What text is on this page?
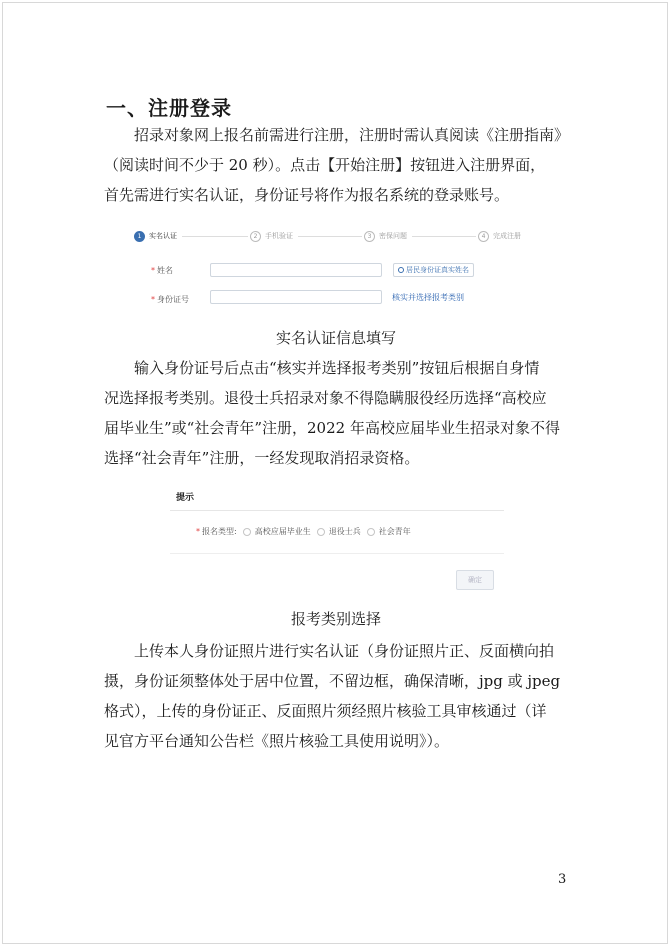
一、注册登录

招录对象网上报名前需进行注册，注册时需认真阅读《注册指南》

（阅读时间不少于 20 秒）。点击【开始注册】按钮进入注册界面，

首先需进行实名认证，身份证号将作为报名系统的登录账号。

1	实名认证	2	手机验证	3	密保问题	4	完成注册
* 姓名	居民身份证真实姓名
* 身份证号	核实并选择报考类别
实名认证信息填写

输入身份证号后点击“核实并选择报考类别”按钮后根据自身情

况选择报考类别。退役士兵招录对象不得隐瞒服役经历选择“高校应

届毕业生”或“社会青年”注册，2022 年高校应届毕业生招录对象不得

选择“社会青年”注册，一经发现取消招录资格。

提示
* 报名类型: 高校应届毕业生 退役士兵 社会青年
确定
报考类别选择

上传本人身份证照片进行实名认证（身份证照片正、反面横向拍

摄，身份证须整体处于居中位置，不留边框，确保清晰，jpg 或 jpeg

格式），上传的身份证正、反面照片须经照片核验工具审核通过（详

见官方平台通知公告栏《照片核验工具使用说明》）。

3
